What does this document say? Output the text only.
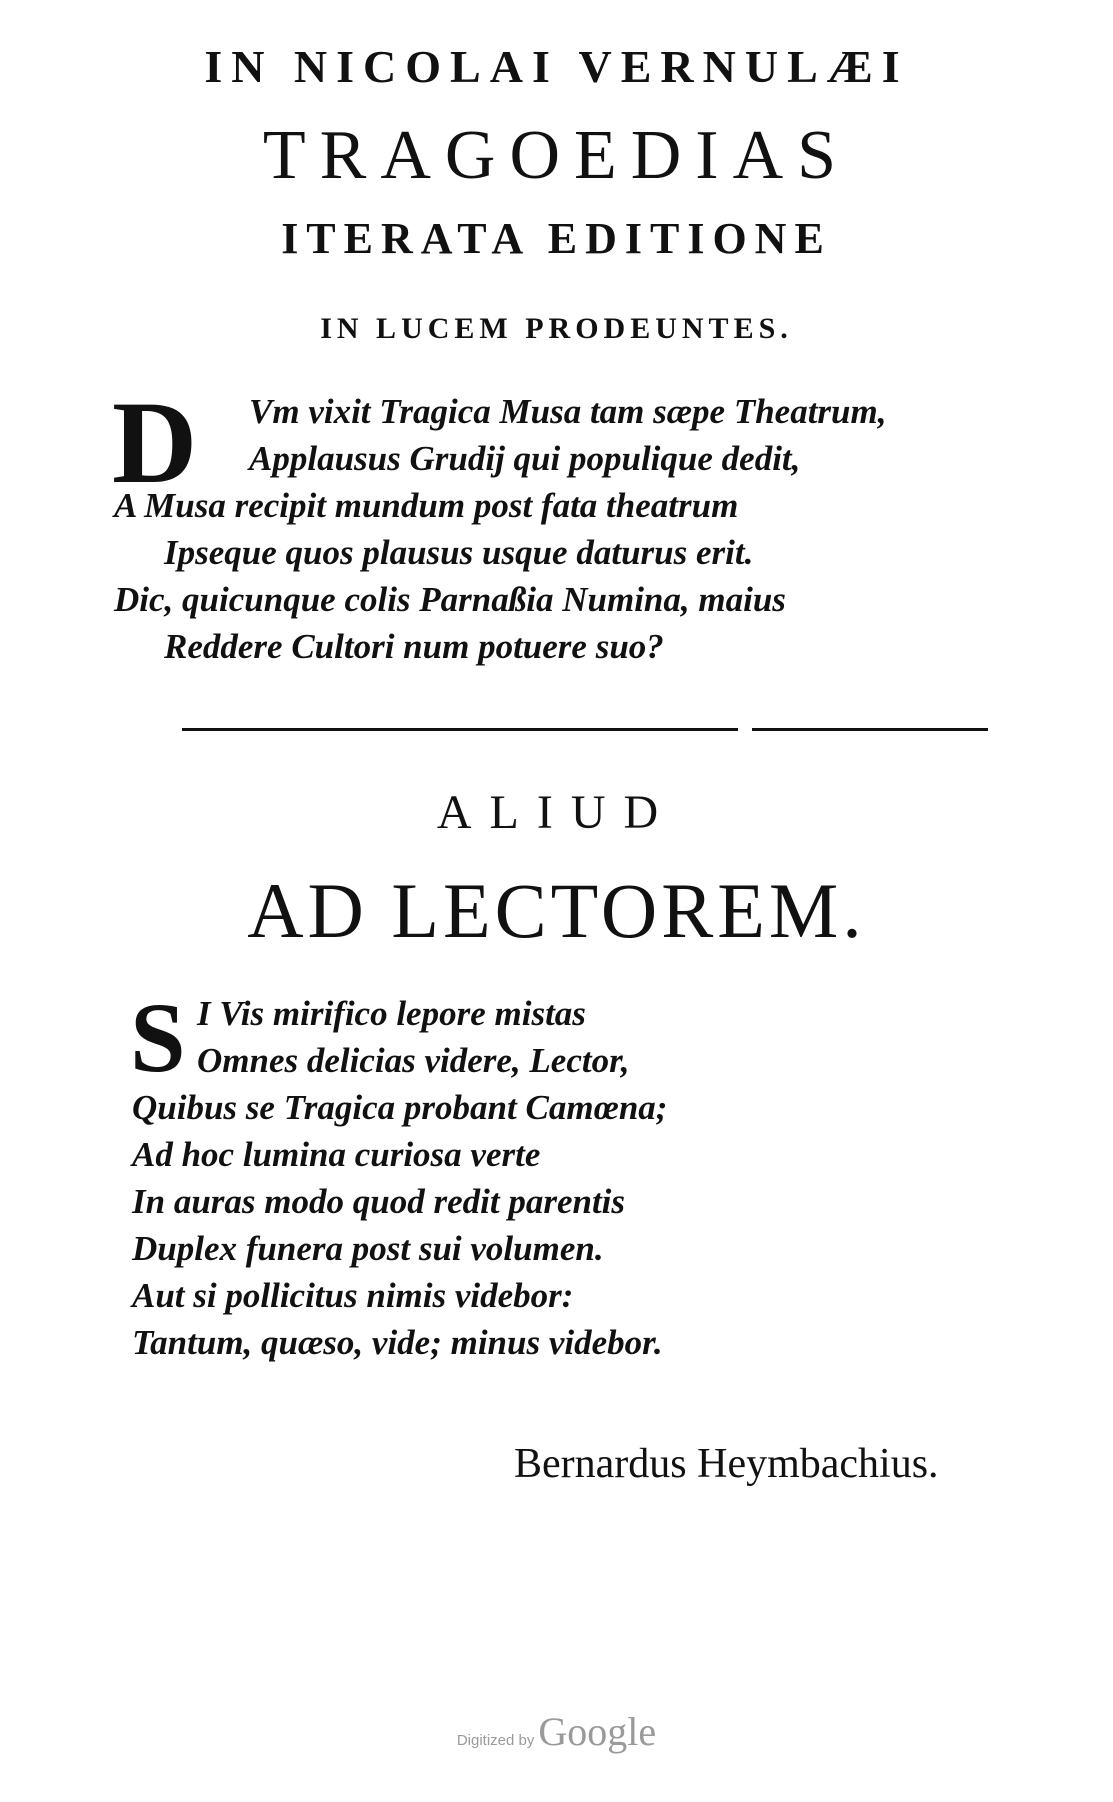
IN NICOLAI VERNULÆI
TRAGOEDIAS
ITERATA EDITIONE
IN LUCEM PRODEUNTES.
D	Vm vixit Tragica Musa tam sæpe Theatrum,
Applausus Grudij qui populique dedit,
A Musa recipit mundum post fata theatrum
Ipseque quos plausus usque daturus erit.
Dic, quicunque colis Parnaßia Numina, maius
Reddere Cultori num potuere suo?
ALIUD
AD LECTOREM.
S I Vis mirifico lepore mistas
Omnes delicias videre, Lector,
Quibus se Tragica probant Camœna;
Ad hoc lumina curiosa verte
In auras modo quod redit parentis
Duplex funera post sui volumen.
Aut si pollicitus nimis videbor:
Tantum, quæso, vide; minus videbor.
Bernardus Heymbachius.
Digitized by Google
